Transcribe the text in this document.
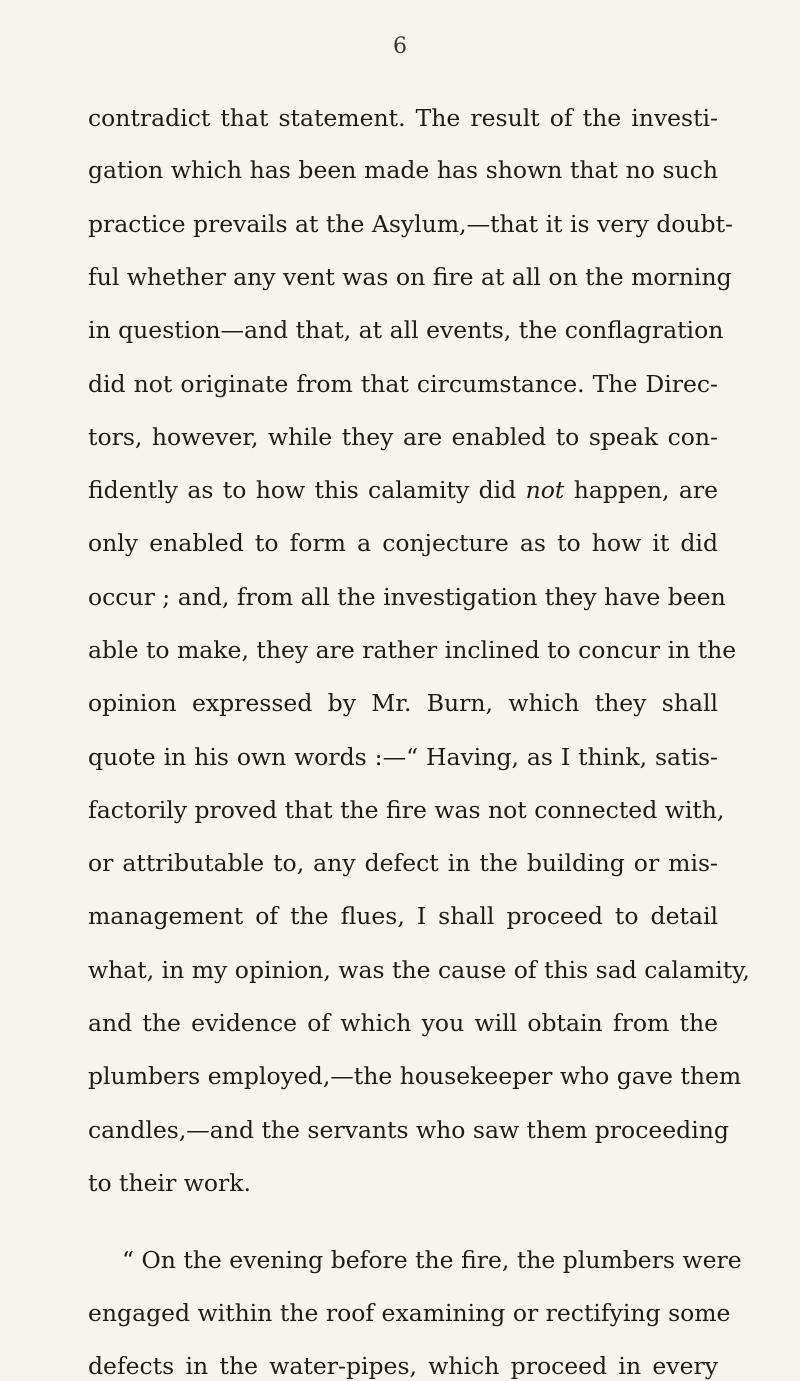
6
contradict that statement. The result of the investi-
gation which has been made has shown that no such
practice prevails at the Asylum,—that it is very doubt-
ful whether any vent was on fire at all on the morning
in question—and that, at all events, the conflagration
did not originate from that circumstance. The Direc-
tors, however, while they are enabled to speak con-
fidently as to how this calamity did not happen, are
only enabled to form a conjecture as to how it did
occur ; and, from all the investigation they have been
able to make, they are rather inclined to concur in the
opinion expressed by Mr. Burn, which they shall
quote in his own words :—“ Having, as I think, satis-
factorily proved that the fire was not connected with,
or attributable to, any defect in the building or mis-
management of the flues, I shall proceed to detail
what, in my opinion, was the cause of this sad calamity,
and the evidence of which you will obtain from the
plumbers employed,—the housekeeper who gave them
candles,—and the servants who saw them proceeding
to their work.
“ On the evening before the fire, the plumbers were
engaged within the roof examining or rectifying some
defects in the water-pipes, which proceed in every
